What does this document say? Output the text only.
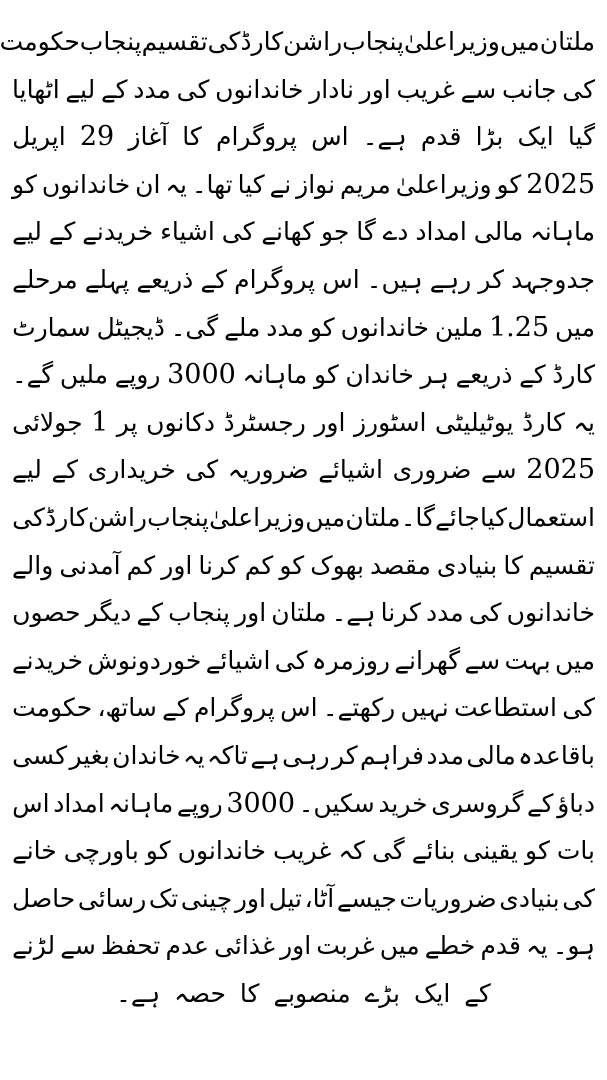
ملتان
میں
وزیراعلیٰ
پنجاب
راشن
کارڈ
کی
تقسیم
پنجاب
حکومت
کی
جانب
سے
غریب
اور
نادار
خاندانوں
کی
مدد
کے
لیے
اٹھایا
گیا
ایک
بڑا
قدم
ہے۔
اس
پروگرام
کا
آغاز
29
اپریل
2025
کو
وزیراعلیٰ
مریم
نواز
نے
کیا
تھا۔
یہ
ان
خاندانوں
کو
ماہانہ
مالی
امداد
دے
گا
جو
کھانے
کی
اشیاء
خریدنے
کے
لیے
جدوجہد
کر
رہے
ہیں۔
اس
پروگرام
کے
ذریعے
پہلے
مرحلے
میں
1.25
ملین
خاندانوں
کو
مدد
ملے
گی۔
ڈیجیٹل
سمارٹ
کارڈ
کے
ذریعے
ہر
خاندان
کو
ماہانہ
3000
روپے
ملیں
گے۔
یہ
کارڈ
یوٹیلیٹی
اسٹورز
اور
رجسٹرڈ
دکانوں
پر
1
جولائی
2025
سے
ضروری
اشیائے
ضروریہ
کی
خریداری
کے
لیے
استعمال
کیا
جائے
گا۔
ملتان
میں
وزیراعلیٰ
پنجاب
راشن
کارڈ
کی
تقسیم
کا
بنیادی
مقصد
بھوک
کو
کم
کرنا
اور
کم
آمدنی
والے
خاندانوں
کی
مدد
کرنا
ہے۔
ملتان
اور
پنجاب
کے
دیگر
حصوں
میں
بہت
سے
گھرانے
روزمرہ
کی
اشیائے
خوردونوش
خریدنے
کی
استطاعت
نہیں
رکھتے۔
اس
پروگرام
کے
ساتھ،
حکومت
باقاعدہ
مالی
مدد
فراہم
کر
رہی
ہے
تاکہ
یہ
خاندان
بغیر
کسی
دباؤ
کے
گروسری
خرید
سکیں۔
3000
روپے
ماہانہ
امداد
اس
بات
کو
یقینی
بنائے
گی
کہ
غریب
خاندانوں
کو
باورچی
خانے
کی
بنیادی
ضروریات
جیسے
آٹا،
تیل
اور
چینی
تک
رسائی
حاصل
ہو۔
یہ
قدم
خطے
میں
غربت
اور
غذائی
عدم
تحفظ
سے
لڑنے
کے
ایک
بڑے
منصوبے
کا
حصہ
ہے۔
